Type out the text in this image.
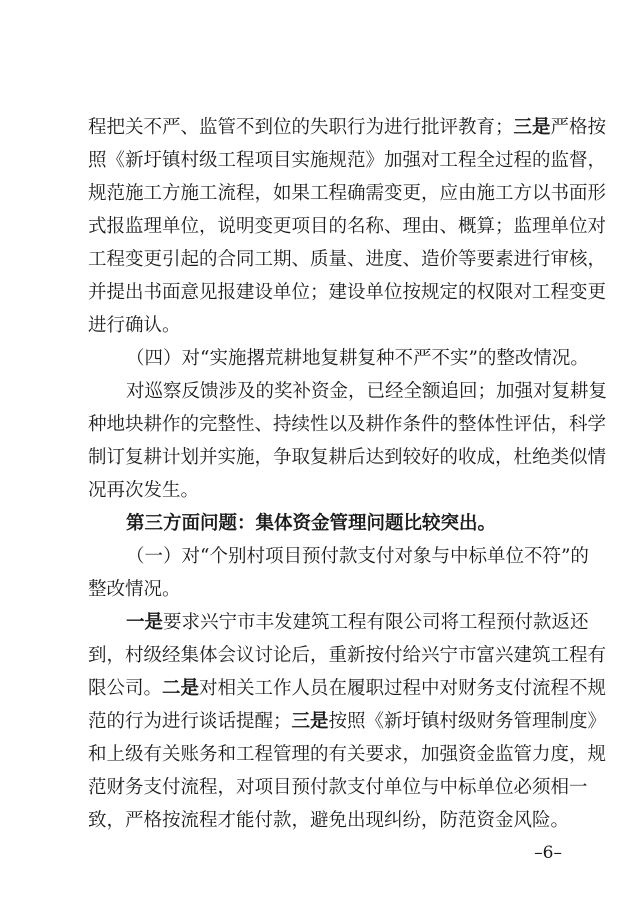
程把关不严、监管不到位的失职行为进行批评教育；三是严格按
照《新圩镇村级工程项目实施规范》加强对工程全过程的监督，
规范施工方施工流程，如果工程确需变更，应由施工方以书面形
式报监理单位，说明变更项目的名称、理由、概算；监理单位对
工程变更引起的合同工期、质量、进度、造价等要素进行审核，
并提出书面意见报建设单位；建设单位按规定的权限对工程变更
进行确认。
（四）对“实施撂荒耕地复耕复种不严不实”的整改情况。
对巡察反馈涉及的奖补资金，已经全额追回；加强对复耕复
种地块耕作的完整性、持续性以及耕作条件的整体性评估，科学
制订复耕计划并实施，争取复耕后达到较好的收成，杜绝类似情
况再次发生。
第三方面问题：集体资金管理问题比较突出。
（一）对“个别村项目预付款支付对象与中标单位不符”的
整改情况。
一是要求兴宁市丰发建筑工程有限公司将工程预付款返还
到，村级经集体会议讨论后，重新按付给兴宁市富兴建筑工程有
限公司。二是对相关工作人员在履职过程中对财务支付流程不规
范的行为进行谈话提醒；三是按照《新圩镇村级财务管理制度》
和上级有关账务和工程管理的有关要求，加强资金监管力度，规
范财务支付流程，对项目预付款支付单位与中标单位必须相一
致，严格按流程才能付款，避免出现纠纷，防范资金风险。
–6–
